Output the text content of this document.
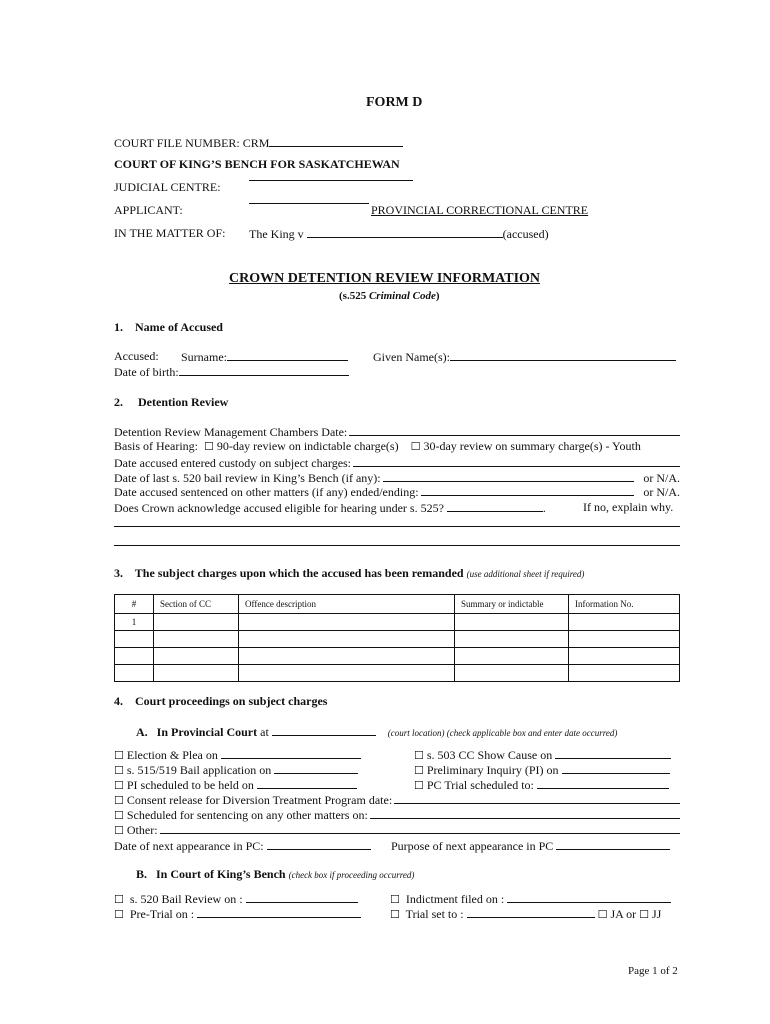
FORM D
COURT FILE NUMBER: CRM
COURT OF KING’S BENCH FOR SASKATCHEWAN
JUDICIAL CENTRE:
APPLICANT:	PROVINCIAL CORRECTIONAL CENTRE
IN THE MATTER OF: The King v	(accused)
CROWN DETENTION REVIEW INFORMATION
(s.525 Criminal Code)
1.    Name of Accused
Accused: Surname:	Given Name(s):
Date of birth:
2.     Detention Review
Detention Review Management Chambers Date:
Basis of Hearing: ☐ 90-day review on indictable charge(s) ☐ 30-day review on summary charge(s) - Youth
Date accused entered custody on subject charges:
Date of last s. 520 bail review in King’s Bench (if any):
	or N/A.
Date accused sentenced on other matters (if any) ended/ending:
	or N/A.
Does Crown acknowledge accused eligible for hearing under s. 525?	.	If no, explain why.
3.    The subject charges upon which the accused has been remanded (use additional sheet if required)
#	Section of CC	Offence description	Summary or indictable	Information No.
1				

4.    Court proceedings on subject charges
A.   In Provincial Court at	(court location) (check applicable box and enter date occurred)
☐ Election & Plea on	☐ s. 503 CC Show Cause on
☐ s. 515/519 Bail application on	☐ Preliminary Inquiry (PI) on
☐ PI scheduled to be held on	☐ PC Trial scheduled to:
☐
Consent release for Diversion Treatment Program date:
☐
Scheduled for sentencing on any other matters on:
☐
Other:
Date of next appearance in PC:	Purpose of next appearance in PC
B.   In Court of King’s Bench (check box if proceeding occurred)
☐ s. 520 Bail Review on :	☐ Indictment filed on :
☐ Pre-Trial on :	☐ Trial set to :	☐ JA or ☐ JJ
Page 1 of 2
